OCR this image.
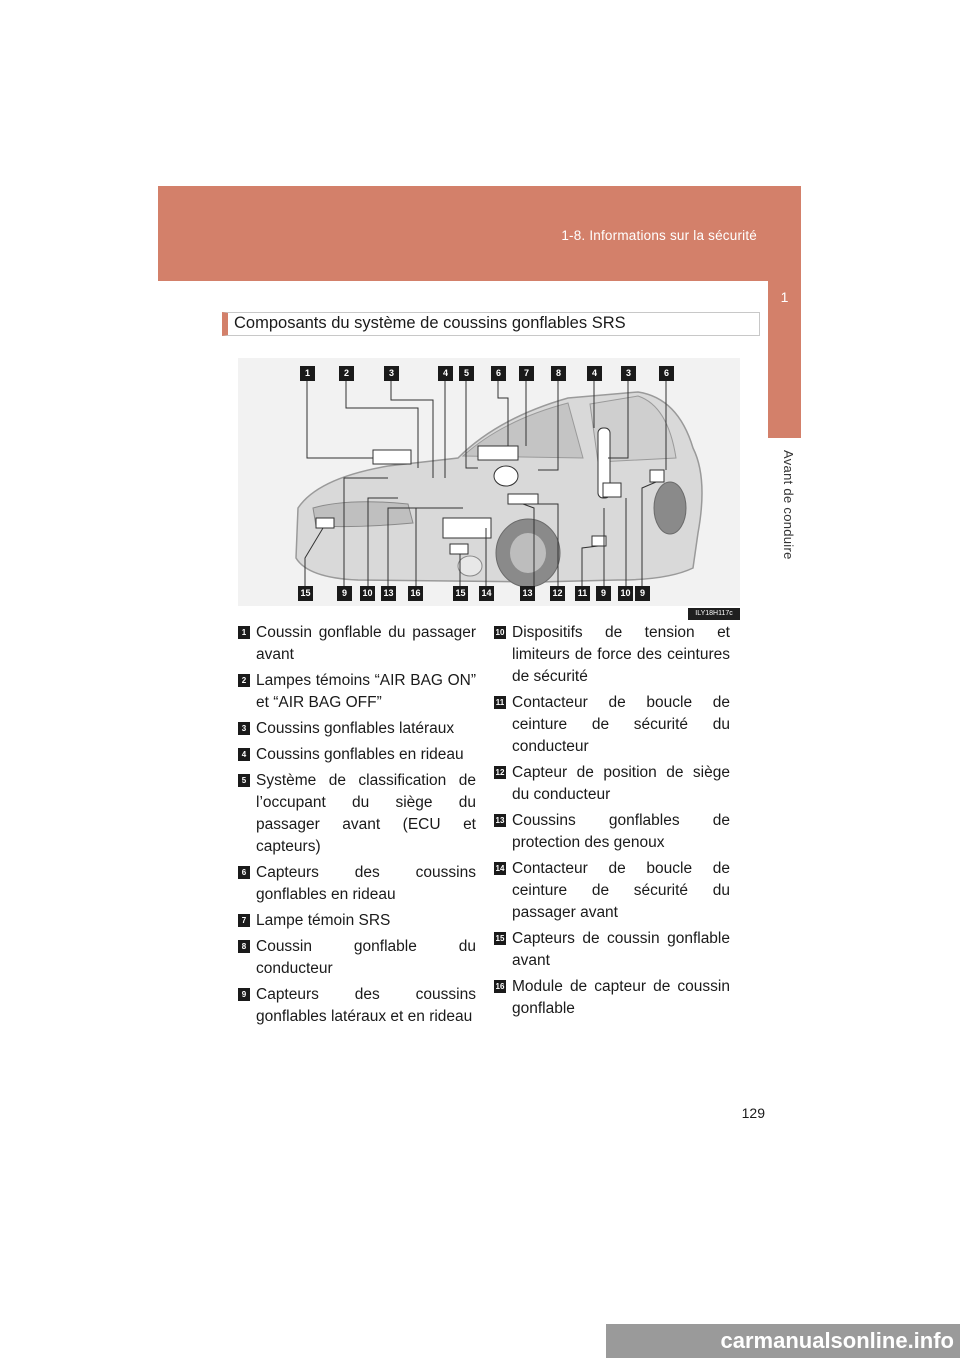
1-8. Informations sur la sécurité
1
Avant de conduire
Composants du système de coussins gonflables SRS
1	2	3	4	5	6	7	8	4	3	6
15	9	10 13 16	15 14	13 12	11	9	10	9
ILY18H117c
1 Coussin gonflable du passager avant
2 Lampes témoins “AIR BAG ON” et “AIR BAG OFF”
3 Coussins gonflables latéraux
4 Coussins gonflables en rideau
5 Système de classification de l’occupant du siège du passager avant (ECU et capteurs)
6 Capteurs des coussins gonflables en rideau
7 Lampe témoin SRS
8 Coussin gonflable du conducteur
9 Capteurs des coussins gonflables latéraux et en rideau
10 Dispositifs de tension et limiteurs de force des ceintures de sécurité
11 Contacteur de boucle de ceinture de sécurité du conducteur
12 Capteur de position de siège du conducteur
13 Coussins gonflables de protection des genoux
14 Contacteur de boucle de ceinture de sécurité du passager avant
15 Capteurs de coussin gonflable avant
16 Module de capteur de coussin gonflable
129
carmanualsonline.info
